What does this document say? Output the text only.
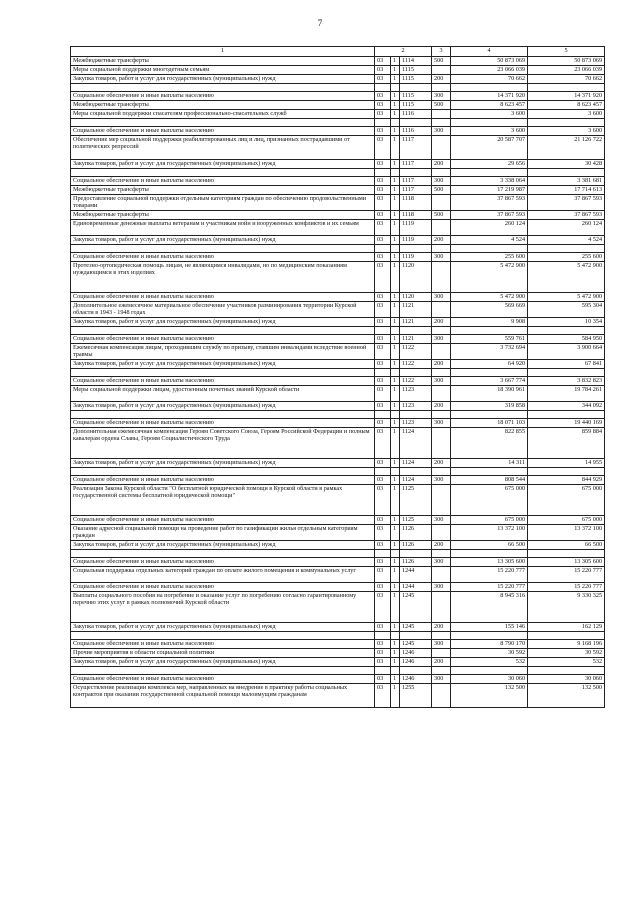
7
1	2			3	4	5
Межбюджетные трансферты	03	1	1114	500	50 873 069	50 873 069
Меры социальной поддержки многодетным семьям	03	1	1115		23 066 039	23 066 039
Закупка товаров, работ и услуг для государственных (муниципальных) нужд	03	1	1115	200	70 662	70 662

Социальное обеспечение и иные выплаты населению	03	1	1115	300	14 371 920	14 371 920
Межбюджетные трансферты	03	1	1115	500	8 623 457	8 623 457
Меры социальной поддержки спасателям профессионально-спасательных служб	03	1	1116		3 600	3 600

Социальное обеспечение и иные выплаты населению	03	1	1116	300	3 600	3 600
Обеспечение мер социальной поддержки реабилитированных лиц и лиц, признанных пострадавшими от политических репрессий	03	1	1117		20 587 707	21 126 722
Закупка товаров, работ и услуг для государственных (муниципальных) нужд	03	1	1117	200	29 656	30 428

Социальное обеспечение и иные выплаты населению	03	1	1117	300	3 338 064	3 381 681
Межбюджетные трансферты	03	1	1117	500	17 219 987	17 714 613
Предоставление социальной поддержки отдельным категориям граждан по обеспечению продовольственными товарами	03	1	1118		37 867 593	37 867 593
Межбюджетные трансферты	03	1	1118	500	37 867 593	37 867 593
Единовременные денежные выплаты ветеранам и участникам войн и вооруженных конфликтов и их семьям	03	1	1119		260 124	260 124
Закупка товаров, работ и услуг для государственных (муниципальных) нужд	03	1	1119	200	4 524	4 524

Социальное обеспечение и иные выплаты населению	03	1	1119	300	255 600	255 600
Протезно-ортопедическая помощь лицам, не являющимся инвалидами, но по медицинским показаниям нуждающимся в этих изделиях	03	1	1120		5 472 900	5 472 900
Социальное обеспечение и иные выплаты населению	03	1	1120	300	5 472 900	5 472 900
Дополнительное ежемесячное материальное обеспечение участников разминирования территории Курской области в 1943 - 1948 годах	03	1	1121		569 669	595 304
Закупка товаров, работ и услуг для государственных (муниципальных) нужд	03	1	1121	200	9 908	10 354

Социальное обеспечение и иные выплаты населению	03	1	1121	300	559 761	584 950
Ежемесячная компенсация лицам, проходившим службу по призыву, ставшим инвалидами вследствие военной травмы	03	1	1122		3 732 694	3 900 664
Закупка товаров, работ и услуг для государственных (муниципальных) нужд	03	1	1122	200	64 920	67 841

Социальное обеспечение и иные выплаты населению	03	1	1122	300	3 667 774	3 832 823
Меры социальной поддержки лицам, удостоенным почетных званий Курской области	03	1	1123		18 390 961	19 784 261
Закупка товаров, работ и услуг для государственных (муниципальных) нужд	03	1	1123	200	319 858	344 092

Социальное обеспечение и иные выплаты населению	03	1	1123	300	18 071 103	19 440 169
Дополнительная ежемесячная компенсация Героям Советского Союза, Героям Российской Федерации и полным кавалерам ордена Славы, Героям Социалистического Труда	03	1	1124		822 855	859 884
Закупка товаров, работ и услуг для государственных (муниципальных) нужд	03	1	1124	200	14 311	14 955

Социальное обеспечение и иные выплаты населению	03	1	1124	300	808 544	844 929
Реализация Закона Курской области "О бесплатной юридической помощи в Курской области в рамках государственной системы бесплатной юридической помощи"	03	1	1125		675 000	675 000
Социальное обеспечение и иные выплаты населению	03	1	1125	300	675 000	675 000
Оказание адресной социальной помощи на проведение работ по газификации жилья отдельным категориям граждан	03	1	1126		13 372 100	13 372 100
Закупка товаров, работ и услуг для государственных (муниципальных) нужд	03	1	1126	200	66 500	66 500

Социальное обеспечение и иные выплаты населению	03	1	1126	300	13 305 600	13 305 600
Социальная поддержка отдельных категорий граждан по оплате жилого помещения и коммунальных услуг	03	1	1244		15 220 777	15 220 777
Социальное обеспечение и иные выплаты населению	03	1	1244	300	15 220 777	15 220 777
Выплаты социального пособия на погребение и оказание услуг по погребению согласно гарантированному перечню этих услуг в рамках полномочий Курской области	03	1	1245		8 945 316	9 330 325
Закупка товаров, работ и услуг для государственных (муниципальных) нужд	03	1	1245	200	155 146	162 129

Социальное обеспечение и иные выплаты населению	03	1	1245	300	8 790 170	9 168 196
Прочие мероприятия в области социальной политики	03	1	1246		30 592	30 592
Закупка товаров, работ и услуг для государственных (муниципальных) нужд	03	1	1246	200	532	532

Социальное обеспечение и иные выплаты населению	03	1	1246	300	30 060	30 060
Осуществление реализации комплекса мер, направленных на внедрение в практику работы социальных контрактов при оказании государственной социальной помощи малоимущим гражданам	03	1	1255		132 500	132 500
